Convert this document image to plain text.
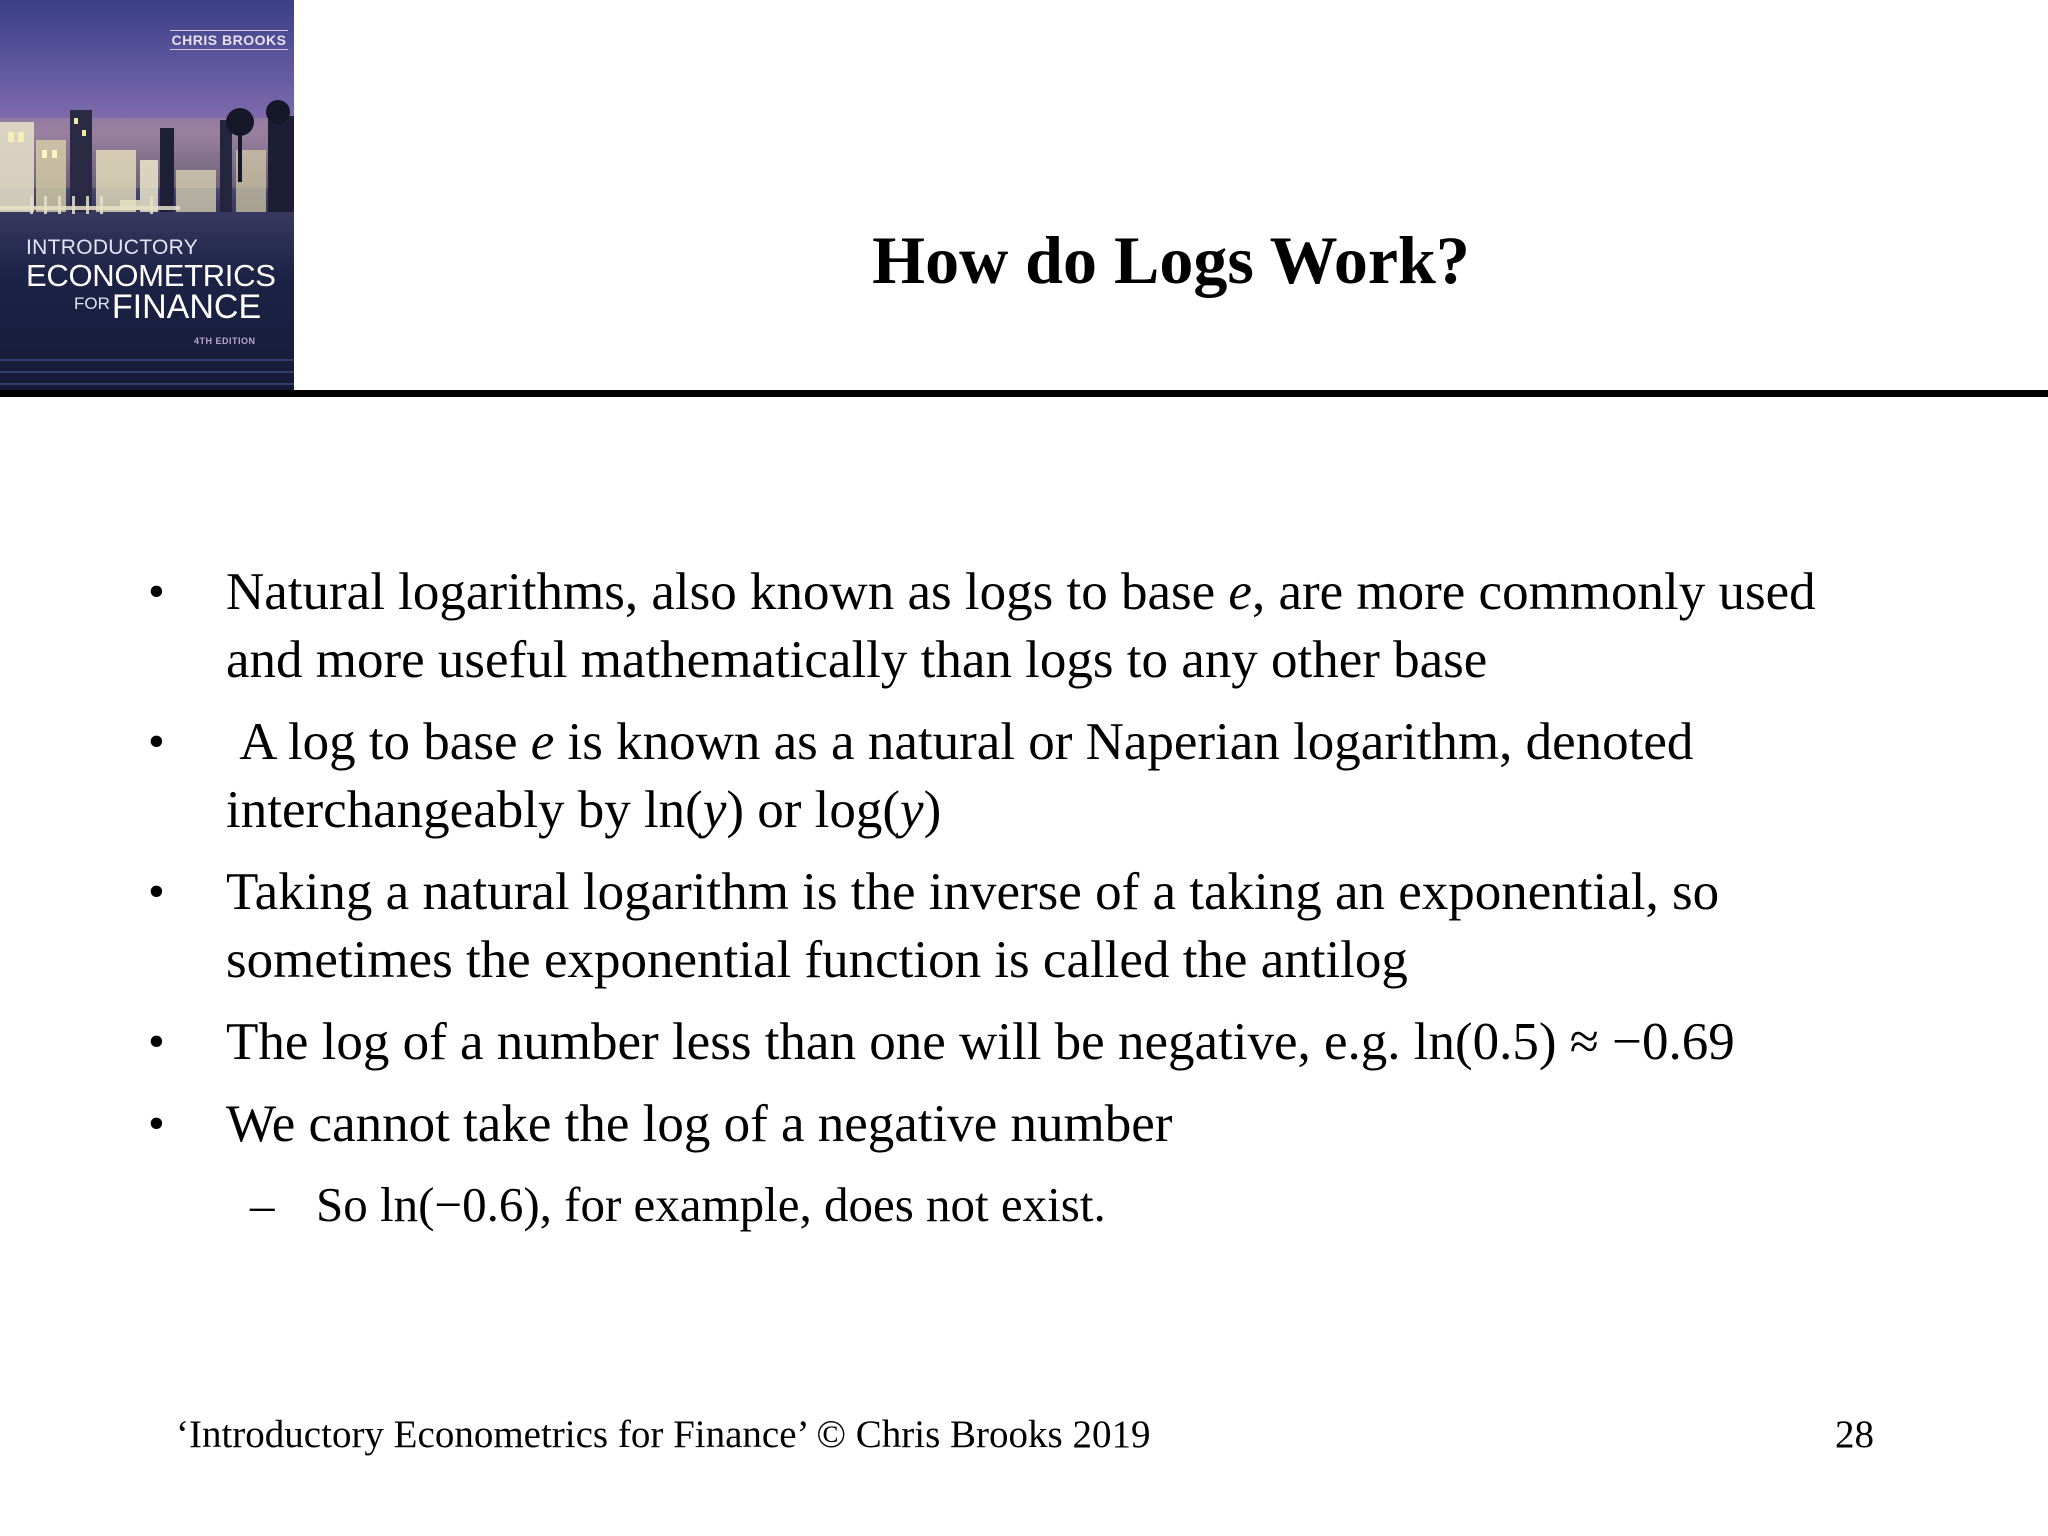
CHRIS BROOKS
INTRODUCTORY
ECONOMETRICS
$^{FOR}$FINANCE
4TH EDITION
How do Logs Work?
• Natural logarithms, also known as logs to base e, are more commonly used and more useful mathematically than logs to any other base
• A log to base e is known as a natural or Naperian logarithm, denoted interchangeably by ln(y) or log(y)
• Taking a natural logarithm is the inverse of a taking an exponential, so sometimes the exponential function is called the antilog
• The log of a number less than one will be negative, e.g. ln(0.5) ≈ −0.69
• We cannot take the log of a negative number
– So ln(−0.6), for example, does not exist.
‘Introductory Econometrics for Finance’ © Chris Brooks 2019	28
